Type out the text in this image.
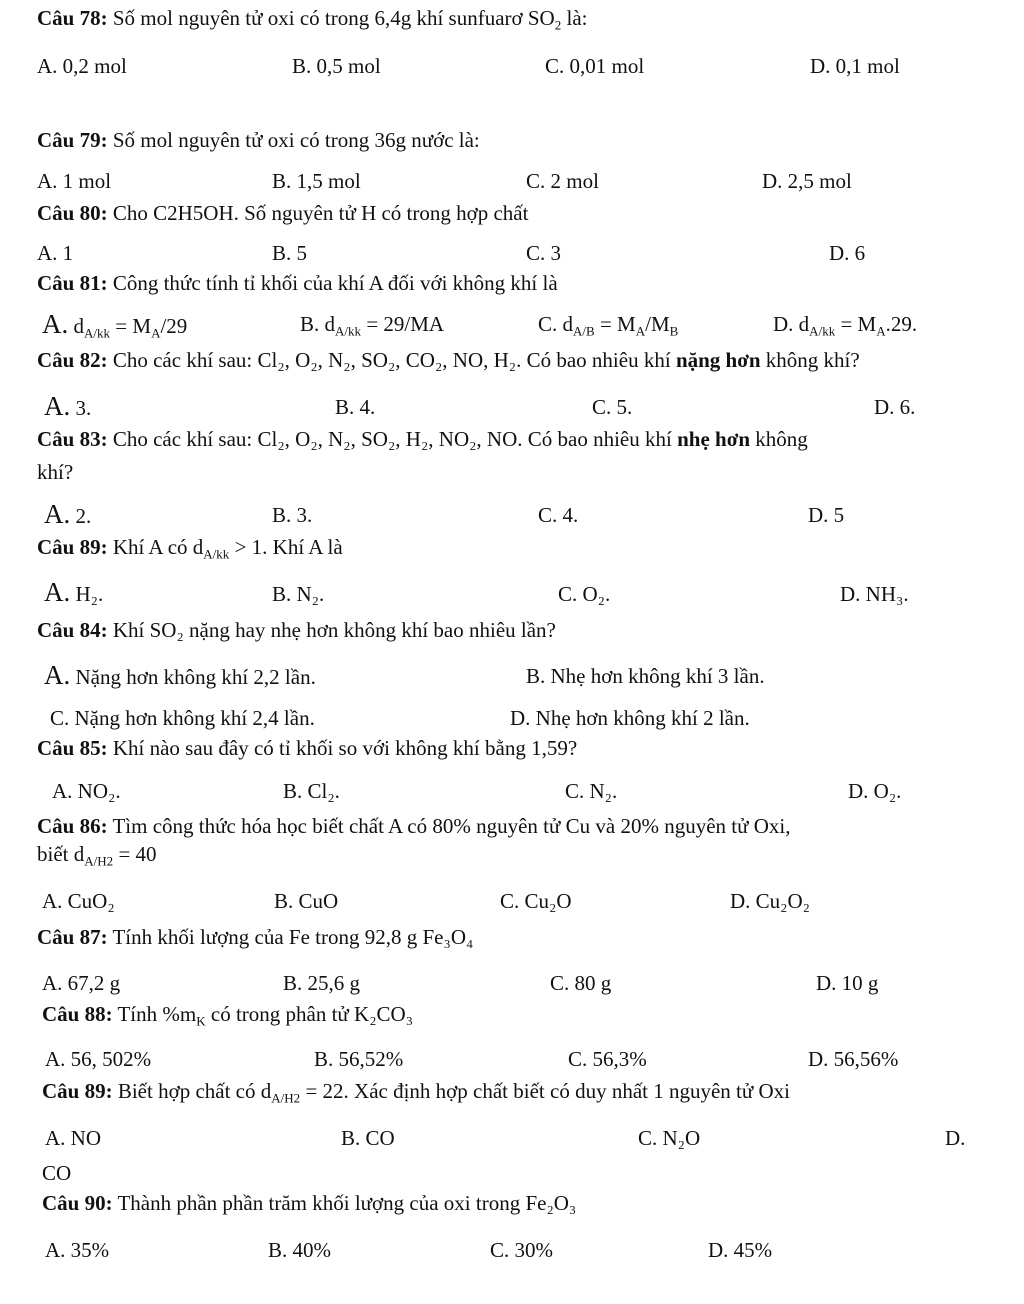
Câu 78: Số mol nguyên tử oxi có trong 6,4g khí sunfuarơ $SO_2$ là:
A. 0,2 mol	B. 0,5 mol	C. 0,01 mol	D. 0,1 mol
Câu 79: Số mol nguyên tử oxi có trong 36g nước là:
A. 1 mol	B. 1,5 mol	C. 2 mol	D. 2,5 mol
Câu 80: Cho C2H5OH. Số nguyên tử H có trong hợp chất
A. 1	B. 5	C. 3	D. 6
Câu 81: Công thức tính tỉ khối của khí A đối với không khí là
A. $d_{A/kk} = M_A/29$	B. $d_{A/kk} = 29/MA$	C. $d_{A/B} = M_A/M_B$	D. $d_{A/kk} = M_A.29$.
Câu 82: Cho các khí sau: Cl₂, O₂, N₂, SO₂, CO₂, NO, H₂. Có bao nhiêu khí nặng hơn không khí?
A. 3.	B. 4.	C. 5.	D. 6.
Câu 83: Cho các khí sau: Cl₂, O₂, N₂, SO₂, H₂, NO₂, NO. Có bao nhiêu khí nhẹ hơn không
khí?
A. 2.	B. 3.	C. 4.	D. 5
Câu 89: Khí A có $d_{A/kk} > 1$. Khí A là
A. H₂.	B. N₂.	C. O₂.	D. NH₃.
Câu 84: Khí SO₂ nặng hay nhẹ hơn không khí bao nhiêu lần?
A. Nặng hơn không khí 2,2 lần.	B. Nhẹ hơn không khí 3 lần.
C. Nặng hơn không khí 2,4 lần.	D. Nhẹ hơn không khí 2 lần.
Câu 85: Khí nào sau đây có tỉ khối so với không khí bằng 1,59?
A. NO₂.	B. Cl₂.	C. N₂.	D. O₂.
Câu 86: Tìm công thức hóa học biết chất A có 80% nguyên tử Cu và 20% nguyên tử Oxi,
biết $d_{A/H2} = 40$
A. CuO₂	B. CuO	C. Cu₂O	D. Cu₂O₂
Câu 87: Tính khối lượng của Fe trong 92,8 g Fe₃O₄
A. 67,2 g	B. 25,6 g	C. 80 g	D. 10 g
Câu 88: Tính $\%m_K$ có trong phân tử K₂CO₃
A. 56, 502%	B. 56,52%	C. 56,3%	D. 56,56%
Câu 89: Biết hợp chất có $d_{A/H2} = 22$. Xác định hợp chất biết có duy nhất 1 nguyên tử Oxi
A. NO	B. CO	C. N₂O	D.
CO
Câu 90: Thành phần phần trăm khối lượng của oxi trong Fe₂O₃
A. 35%	B. 40%	C. 30%	D. 45%
